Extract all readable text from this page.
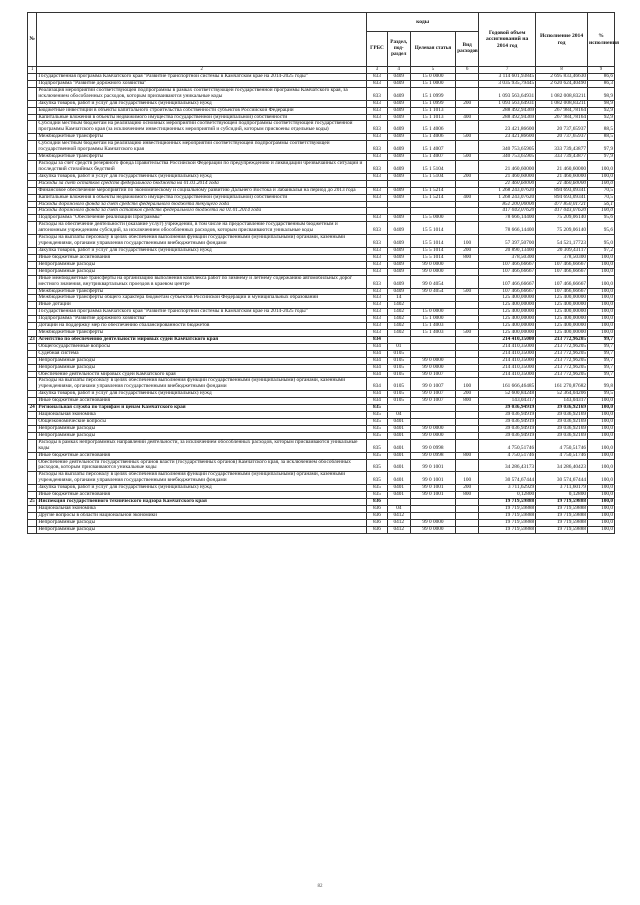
№		коды				Годовой объем ассигнований на 2014 год	Исполнение 2014 год	% исполнения
		ГРБС	Раздел, под-раздел	Целевая статья	Вид расходов			
1	2	3	4	5	6	7	8	9
	Государственная программа Камчатского края "Развитие транспортной системы в Камчатском крае на 2014-2025 годы"	833	0409	15 0 0000		3 114 601,93845	2 695 833,46630	86,6
	Подпрограмма "Развитие дорожного хозяйства"	833	0409	15 1 0000		3 035 935,79445	2 620 624,40490	86,3
	Реализация мероприятий соответствующей подпрограммы в рамках соответствующей государственной программы Камчатского края, за исключением обособленных расходов, которым присваиваются уникальные коды	833	0409	15 1 0999		1 093 563,64931	1 082 008,83211	98,9
	Закупка товаров, работ и услуг для государственных (муниципальных) нужд	833	0409	15 1 0999	200	1 093 563,64931	1 082 008,83211	98,9
	Бюджетные инвестиции в объекты капитального строительства собственности субъектов Российской Федерации	833	0409	15 1 1013		288 492,94369	267 984,78164	92,9
	Капитальные вложения в объекты недвижимого имущества государственной (муниципальной) собственности	833	0409	15 1 1013	400	288 492,94369	267 984,78164	92,9
	Субсидии местным бюджетам на реализацию основных мероприятий соответствующей подпрограммы соответствующей государственной программы Камчатского края (за исключением инвестиционных мероприятий и субсидий, которым присвоены отдельные коды)	833	0409	15 1 4006		23 421,86600	20 737,65937	88,5
	Межбюджетные трансферты	833	0409	15 1 4006	500	23 421,86600	20 737,65937	88,5
	Субсидии местным бюджетам на реализацию инвестиционных мероприятий соответствующей подпрограммы соответствующей государственной программы Камчатского края	833	0409	15 1 4007		340 753,65905	333 739,43877	97,9
	Межбюджетные трансферты	833	0409	15 1 4007	500	340 753,65905	333 739,43877	97,9
	Расходы за счет средств резервного фонда Правительства Российской Федерации по предупреждению и ликвидации чрезвычайных ситуаций и последствий стихийных бедствий	833	0409	15 1 5104		21 460,60000	21 460,60000	100,0
	Закупка товаров, работ и услуг для государственных (муниципальных) нужд	833	0409	15 1 5104	200	21 460,60000	21 460,60000	100,0
	Расходы за счет остатков средств федерального бюджета на 01.01.2014 года					21 460,60000	21 460,60000	100,0
	Финансовое обеспечение мероприятий по экономическому и социальному развитию Дальнего Востока и Забайкалья на период до 2013 года	833	0409	15 1 5214		1 268 243,07620	894 693,09341	70,5
	Капитальные вложения в объекты недвижимого имущества государственной (муниципальной) собственности	833	0409	15 1 5214	400	1 268 243,07620	894 693,09341	70,5
	Расходы дорожного фонда за счет средств федерального бюджета текущего года					851 200,00000	477 850,01721	56,1
	Расходы дорожного фонда за счет остатков средств федерального бюджета на 01.01.2014 года					417 043,07620	417 043,07620	100,0
	Подпрограмма "Обеспечение реализации Программы"	833	0409	15 5 0000		78 666,14400	75 209,06140	95,6
	Расходы на обеспечение деятельности (оказание услуг) учреждений, в том числе на предоставление государственным бюджетным и автономным учреждениям субсидий, за исключением обособленных расходов, которым присваиваются уникальные коды	833	0409	15 5 1014		78 666,14400	75 209,06140	95,6
	Расходы на выплаты персоналу в целях обеспечения выполнения функций государственными (муниципальными) органами, казенными учреждениями, органами управления государственными внебюджетными фондами	833	0409	15 5 1014	100	57 397,50700	54 521,17723	95,0
	Закупка товаров, работ и услуг для государственных (муниципальных) нужд	833	0409	15 5 1014	200	20 890,13400	20 309,43117	97,2
	Иные бюджетные ассигнования	833	0409	15 5 1014	800	378,50300	378,50300	100,0
	Непрограммные расходы	833	0409	99 0 0000		107 466,66667	107 466,66667	100,0
	Непрограммные расходы	833	0409	99 0 0000		107 466,66667	107 466,66667	100,0
	Иные межбюджетные трансферты на организацию выполнения комплекса работ по зимнему и летнему содержанию автомобильных дорог местного значения, внутриквартальных проездов в краевом центре	833	0409	99 0 4054		107 466,66667	107 466,66667	100,0
	Межбюджетные трансферты	833	0409	99 0 4054	500	107 466,66667	107 466,66667	100,0
	Межбюджетные трансферты общего характера бюджетам субъектов Российской Федерации и муниципальных образований	833	14			125 400,00000	125 400,00000	100,0
	Иные дотации	833	1402			125 400,00000	125 400,00000	100,0
	Государственная программа Камчатского края "Развитие транспортной системы в Камчатском крае на 2014-2025 годы"	833	1402	15 0 0000		125 400,00000	125 400,00000	100,0
	Подпрограмма "Развитие дорожного хозяйства"	833	1402	15 1 0000		125 400,00000	125 400,00000	100,0
	Дотации на поддержку мер по обеспечению сбалансированности бюджетов	833	1402	15 1 4003		125 400,00000	125 400,00000	100,0
	Межбюджетные трансферты	833	1402	15 1 4003	500	125 400,00000	125 400,00000	100,0
23	Агентство по обеспечению деятельности мировых судей Камчатского края	834				214 410,35000	213 772,96205	99,7
	Общегосударственные вопросы	834	01			214 410,35000	213 772,96205	99,7
	Судебная система	834	0105			214 410,35000	213 772,96205	99,7
	Непрограммные расходы	834	0105	99 0 0000		214 410,35000	213 772,96205	99,7
	Непрограммные расходы	834	0105	99 0 0000		214 410,35000	213 772,96205	99,7
	Обеспечение деятельности мировых судей Камчатского края	834	0105	99 0 1007		214 410,35000	213 772,96205	99,7
	Расходы на выплаты персоналу в целях обеспечения выполнения функций государственными (муниципальными) органами, казенными учреждениями, органами управления государственными внебюджетными фондами	834	0105	99 0 1007	100	161 666,46485	161 270,87682	99,8
	Закупка товаров, работ и услуг для государственных (муниципальных) нужд	834	0105	99 0 1007	200	52 600,84248	52 364,04206	99,5
	Иные бюджетные ассигнования	834	0105	99 0 1007	800	143,04317	143,04317	100,0
24	Региональная служба по тарифам и ценам Камчатского края	835				39 036,94919	39 036,92169	100,0
	Национальная экономика	835	04			39 036,94919	39 036,92169	100,0
	Общеэкономические вопросы	835	0401			39 036,94919	39 036,92169	100,0
	Непрограммные расходы	835	0401	99 0 0000		39 036,94919	39 036,92169	100,0
	Непрограммные расходы	835	0401	99 0 0000		39 036,94919	39 036,92169	100,0
	Расходы в рамках непрограммных направлений деятельности, за исключением обособленных расходов, которым присваиваются уникальные коды	835	0401	99 0 0998		4 750,51746	4 750,51746	100,0
	Иные бюджетные ассигнования	835	0401	99 0 0998	800	4 750,51746	4 750,51746	100,0
	Обеспечение деятельности государственных органов власти (государственных органов) Камчатского края, за исключением обособленных расходов, которым присваиваются уникальные коды	835	0401	99 0 1001		34 286,43173	34 286,40423	100,0
	Расходы на выплаты персоналу в целях обеспечения выполнения функций государственными (муниципальными) органами, казенными учреждениями, органами управления государственными внебюджетными фондами	835	0401	99 0 1001	100	30 574,67444	30 574,67444	100,0
	Закупка товаров, работ и услуг для государственных (муниципальных) нужд	835	0401	99 0 1001	200	3 711,62929	3 711,60179	100,0
	Иные бюджетные ассигнования	835	0401	99 0 1001	800	0,12800	0,12800	100,0
25	Инспекция государственного технического надзора Камчатского края	836				19 719,59888	19 719,59888	100,0
	Национальная экономика	836	04			19 719,59888	19 719,59888	100,0
	Другие вопросы в области национальной экономики	836	0412			19 719,59888	19 719,59888	100,0
	Непрограммные расходы	836	0412	99 0 0000		19 719,59888	19 719,59888	100,0
	Непрограммные расходы	836	0412	99 0 0000		19 719,59888	19 719,59888	100,0
82
